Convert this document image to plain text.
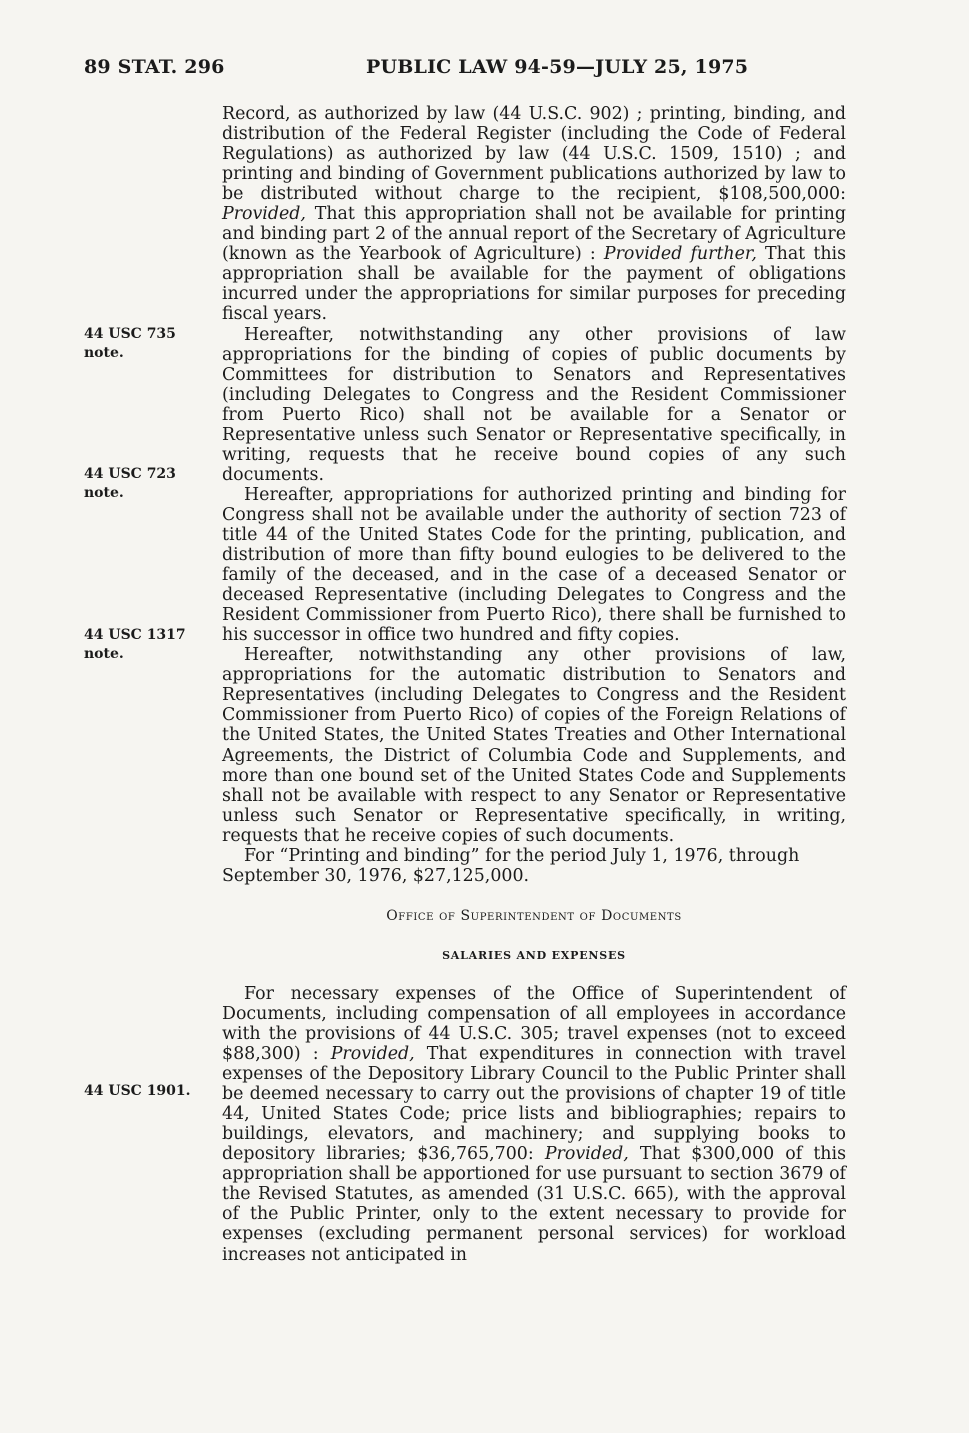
89 STAT. 296	PUBLIC LAW 94-59—JULY 25, 1975
44 USC 735 note.
44 USC 723 note.
44 USC 1317 note.
44 USC 1901.

Record, as authorized by law (44 U.S.C. 902) ; printing, binding, and distribution of the Federal Register (including the Code of Federal Regulations) as authorized by law (44 U.S.C. 1509, 1510) ; and printing and binding of Government publications authorized by law to be distributed without charge to the recipient, $108,500,000: Provided, That this appropriation shall not be available for printing and binding part 2 of the annual report of the Secretary of Agriculture (known as the Yearbook of Agriculture) : Provided further, That this appropriation shall be available for the payment of obligations incurred under the appropriations for similar purposes for preceding fiscal years.

Hereafter, notwithstanding any other provisions of law appropriations for the binding of copies of public documents by Committees for distribution to Senators and Representatives (including Delegates to Congress and the Resident Commissioner from Puerto Rico) shall not be available for a Senator or Representative unless such Senator or Representative specifically, in writing, requests that he receive bound copies of any such documents.

Hereafter, appropriations for authorized printing and binding for Congress shall not be available under the authority of section 723 of title 44 of the United States Code for the printing, publication, and distribution of more than fifty bound eulogies to be delivered to the family of the deceased, and in the case of a deceased Senator or deceased Representative (including Delegates to Congress and the Resident Commissioner from Puerto Rico), there shall be furnished to his successor in office two hundred and fifty copies.

Hereafter, notwithstanding any other provisions of law, appropriations for the automatic distribution to Senators and Representatives (including Delegates to Congress and the Resident Commissioner from Puerto Rico) of copies of the Foreign Relations of the United States, the United States Treaties and Other International Agreements, the District of Columbia Code and Supplements, and more than one bound set of the United States Code and Supplements shall not be available with respect to any Senator or Representative unless such Senator or Representative specifically, in writing, requests that he receive copies of such documents.

For “Printing and binding” for the period July 1, 1976, through September 30, 1976, $27,125,000.

Office of Superintendent of Documents

SALARIES AND EXPENSES

For necessary expenses of the Office of Superintendent of Documents, including compensation of all employees in accordance with the provisions of 44 U.S.C. 305; travel expenses (not to exceed $88,300) : Provided, That expenditures in connection with travel expenses of the Depository Library Council to the Public Printer shall be deemed necessary to carry out the provisions of chapter 19 of title 44, United States Code; price lists and bibliographies; repairs to buildings, elevators, and machinery; and supplying books to depository libraries; $36,765,700: Provided, That $300,000 of this appropriation shall be apportioned for use pursuant to section 3679 of the Revised Statutes, as amended (31 U.S.C. 665), with the approval of the Public Printer, only to the extent necessary to provide for expenses (excluding permanent personal services) for workload increases not anticipated in
